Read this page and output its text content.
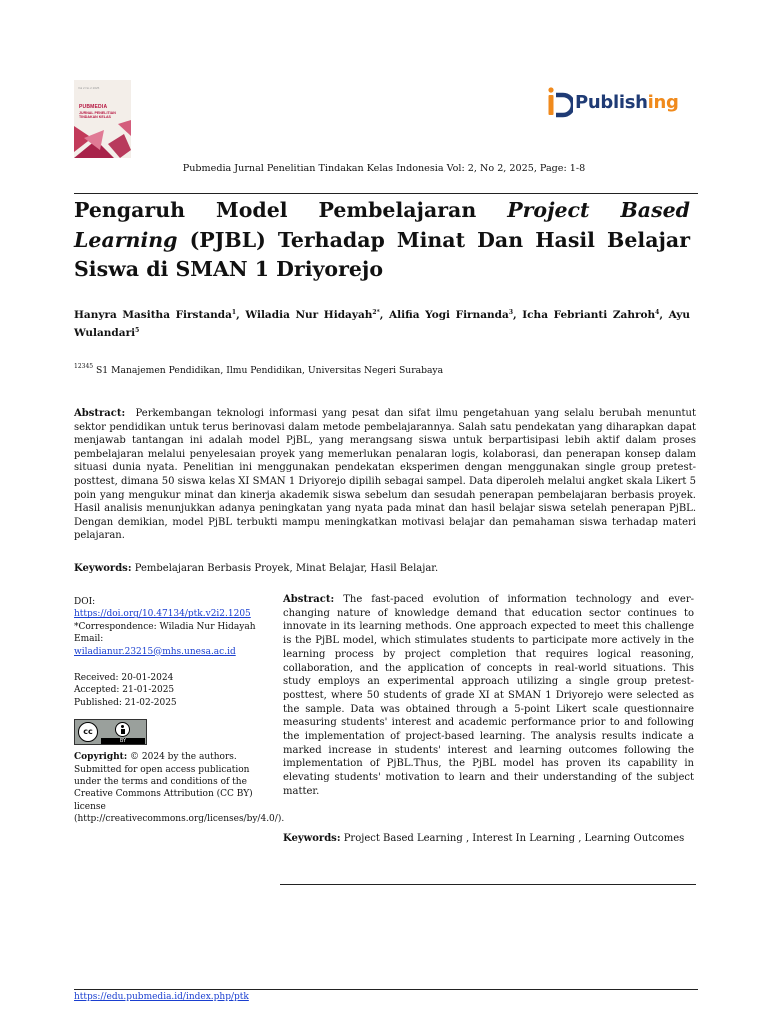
Vol 2 No 2 2025
PUBMEDIA
JURNAL PENELITIAN TINDAKAN KELAS
Publishing
Pubmedia Jurnal Penelitian Tindakan Kelas Indonesia Vol: 2, No 2, 2025, Page: 1-8
Pengaruh Model Pembelajaran Project Based Learning (PJBL) Terhadap Minat Dan Hasil Belajar Siswa di SMAN 1 Driyorejo
Hanyra Masitha Firstanda$^1$, Wiladia Nur Hidayah$^{2*}$, Alifia Yogi Firnanda$^3$, Icha Febrianti Zahroh$^4$, Ayu Wulandari$^5$
$^{12345}$ S1 Manajemen Pendidikan, Ilmu Pendidikan, Universitas Negeri Surabaya

Abstract: Perkembangan teknologi informasi yang pesat dan sifat ilmu pengetahuan yang selalu berubah menuntut sektor pendidikan untuk terus berinovasi dalam metode pembelajarannya. Salah satu pendekatan yang diharapkan dapat menjawab tantangan ini adalah model PjBL, yang merangsang siswa untuk berpartisipasi lebih aktif dalam proses pembelajaran melalui penyelesaian proyek yang memerlukan penalaran logis, kolaborasi, dan penerapan konsep dalam situasi dunia nyata. Penelitian ini menggunakan pendekatan eksperimen dengan menggunakan single group pretest-posttest, dimana 50 siswa kelas XI SMAN 1 Driyorejo dipilih sebagai sampel. Data diperoleh melalui angket skala Likert 5 poin yang mengukur minat dan kinerja akademik siswa sebelum dan sesudah penerapan pembelajaran berbasis proyek. Hasil analisis menunjukkan adanya peningkatan yang nyata pada minat dan hasil belajar siswa setelah penerapan PjBL. Dengan demikian, model PjBL terbukti mampu meningkatkan motivasi belajar dan pemahaman siswa terhadap materi pelajaran.

Keywords: Pembelajaran Berbasis Proyek, Minat Belajar, Hasil Belajar.
DOI:
https://doi.org/10.47134/ptk.v2i2.1205
*Correspondence: Wiladia Nur Hidayah
Email:
wiladianur.23215@mhs.unesa.ac.id
Received: 20-01-2024
Accepted: 21-01-2025
Published: 21-02-2025
cc
BY
Copyright: © 2024 by the authors. Submitted for open access publication under the terms and conditions of the Creative Commons Attribution (CC BY) license (http://creativecommons.org/licenses/by/4.0/).

Abstract: The fast-paced evolution of information technology and ever-changing nature of knowledge demand that education sector continues to innovate in its learning methods. One approach expected to meet this challenge is the PjBL model, which stimulates students to participate more actively in the learning process by project completion that requires logical reasoning, collaboration, and the application of concepts in real-world situations. This study employs an experimental approach utilizing a single group pretest-posttest, where 50 students of grade XI at SMAN 1 Driyorejo were selected as the sample. Data was obtained through a 5-point Likert scale questionnaire measuring students' interest and academic performance prior to and following the implementation of project-based learning. The analysis results indicate a marked increase in students' interest and learning outcomes following the implementation of PjBL.Thus, the PjBL model has proven its capability in elevating students' motivation to learn and their understanding of the subject matter.

Keywords: Project Based Learning , Interest In Learning , Learning Outcomes
https://edu.pubmedia.id/index.php/ptk
